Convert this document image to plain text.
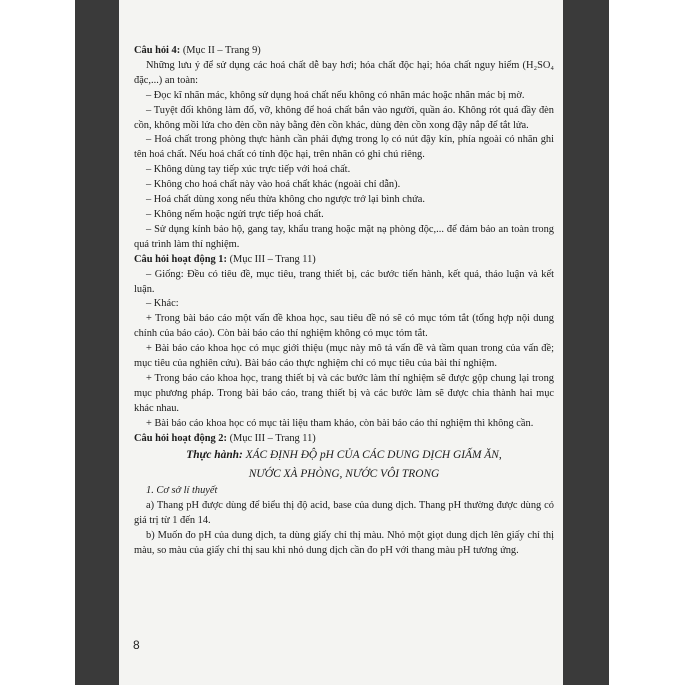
Câu hỏi 4: (Mục II – Trang 9)

Những lưu ý để sử dụng các hoá chất dễ bay hơi; hóa chất độc hại; hóa chất nguy hiểm (H₂SO₄ đặc,...) an toàn:

– Đọc kĩ nhãn mác, không sử dụng hoá chất nếu không có nhãn mác hoặc nhãn mác bị mờ.

– Tuyệt đối không làm đổ, vỡ, không để hoá chất bắn vào người, quần áo. Không rót quá đầy đèn cồn, không mồi lửa cho đèn cồn này bằng đèn cồn khác, dùng đèn cồn xong đậy nắp để tắt lửa.

– Hoá chất trong phòng thực hành cần phải đựng trong lọ có nút đậy kín, phía ngoài có nhãn ghi tên hoá chất. Nếu hoá chất có tính độc hại, trên nhãn có ghi chú riêng.

– Không dùng tay tiếp xúc trực tiếp với hoá chất.

– Không cho hoá chất này vào hoá chất khác (ngoài chỉ dẫn).

– Hoá chất dùng xong nếu thừa không cho ngược trở lại bình chứa.

– Không nếm hoặc ngửi trực tiếp hoá chất.

– Sử dụng kính bảo hộ, gang tay, khẩu trang hoặc mặt nạ phòng độc,... để đảm bảo an toàn trong quá trình làm thí nghiệm.

Câu hỏi hoạt động 1: (Mục III – Trang 11)

– Giống: Đều có tiêu đề, mục tiêu, trang thiết bị, các bước tiến hành, kết quả, thảo luận và kết luận.

– Khác:

+ Trong bài báo cáo một vấn đề khoa học, sau tiêu đề nó sẽ có mục tóm tắt (tổng hợp nội dung chính của báo cáo). Còn bài báo cáo thí nghiệm không có mục tóm tắt.

+ Bài báo cáo khoa học có mục giới thiệu (mục này mô tả vấn đề và tầm quan trong của vấn đề; mục tiêu của nghiên cứu). Bài báo cáo thực nghiệm chỉ có mục tiêu của bài thí nghiệm.

+ Trong báo cáo khoa học, trang thiết bị và các bước làm thí nghiệm sẽ được gộp chung lại trong mục phương pháp. Trong bài báo cáo, trang thiết bị và các bước làm sẽ được chia thành hai mục khác nhau.

+ Bài báo cáo khoa học có mục tài liệu tham khảo, còn bài báo cáo thí nghiệm thì không cần.

Câu hỏi hoạt động 2: (Mục III – Trang 11)

Thực hành: XÁC ĐỊNH ĐỘ pH CỦA CÁC DUNG DỊCH GIẤM ĂN,

NƯỚC XÀ PHÒNG, NƯỚC VÔI TRONG

1. Cơ sở lí thuyết

a) Thang pH được dùng để biểu thị độ acid, base của dung dịch. Thang pH thường được dùng có giá trị từ 1 đến 14.

b) Muốn đo pH của dung dịch, ta dùng giấy chỉ thị màu. Nhỏ một giọt dung dịch lên giấy chỉ thị màu, so màu của giấy chỉ thị sau khi nhỏ dung dịch cần đo pH với thang màu pH tương ứng.

8
